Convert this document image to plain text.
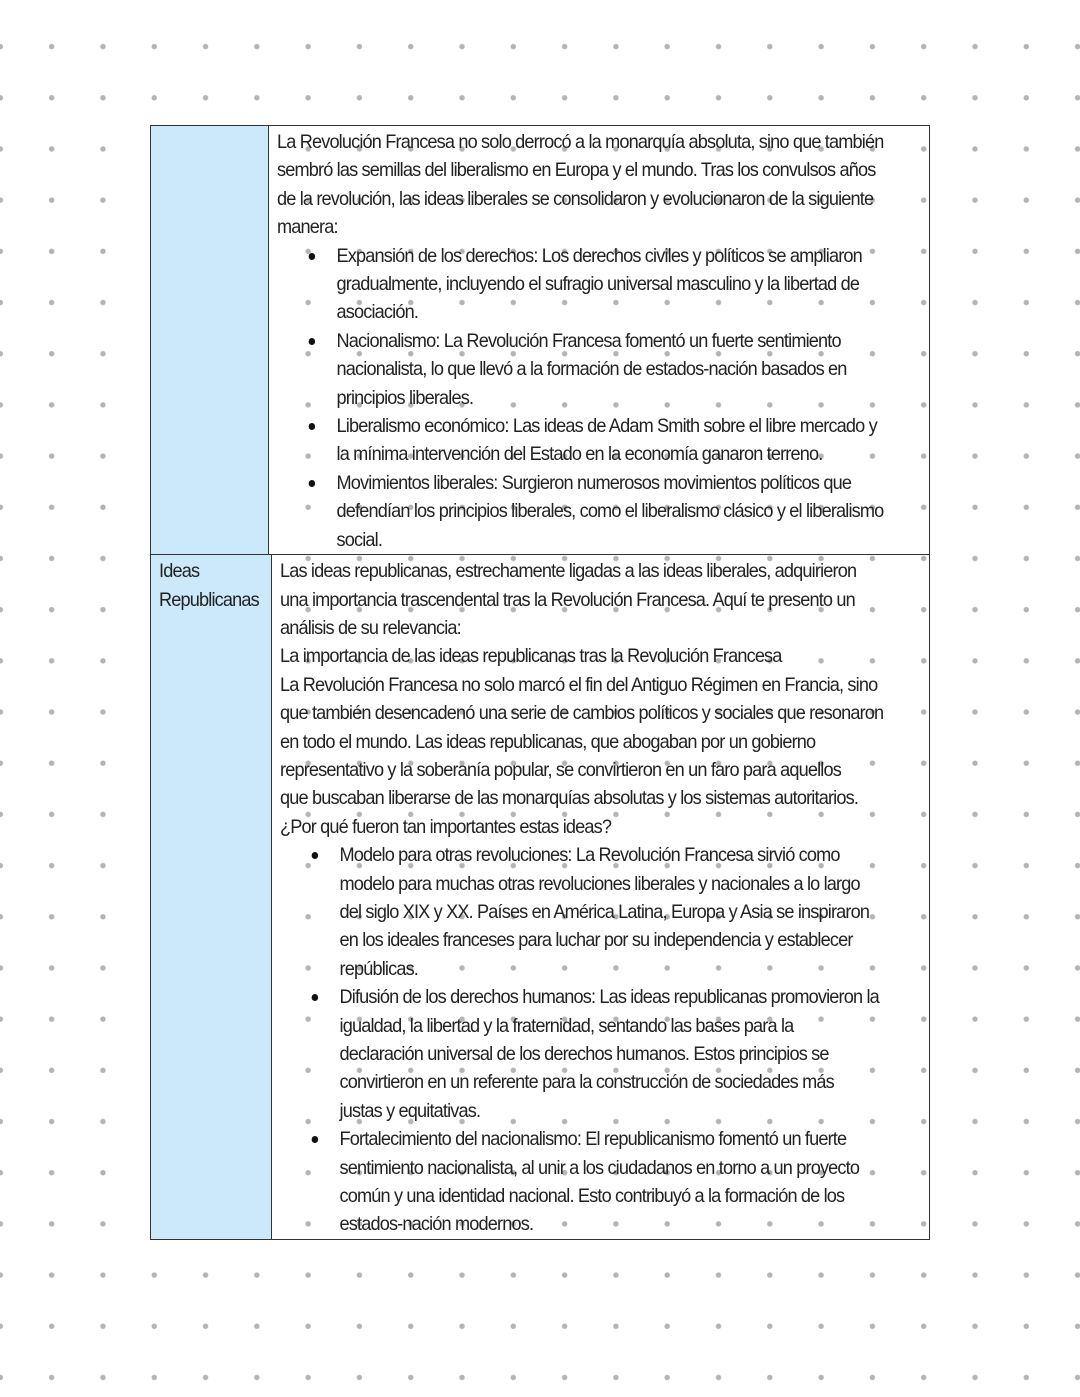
La Revolución Francesa no solo derrocó a la monarquía absoluta, sino que también
sembró las semillas del liberalismo en Europa y el mundo. Tras los convulsos años
de la revolución, las ideas liberales se consolidaron y evolucionaron de la siguiente
manera:
Expansión de los derechos: Los derechos civiles y políticos se ampliaron
gradualmente, incluyendo el sufragio universal masculino y la libertad de
asociación.
Nacionalismo: La Revolución Francesa fomentó un fuerte sentimiento
nacionalista, lo que llevó a la formación de estados-nación basados en
principios liberales.
Liberalismo económico: Las ideas de Adam Smith sobre el libre mercado y
la mínima intervención del Estado en la economía ganaron terreno.
Movimientos liberales: Surgieron numerosos movimientos políticos que
defendían los principios liberales, como el liberalismo clásico y el liberalismo
social.
Ideas
Republicanas
Las ideas republicanas, estrechamente ligadas a las ideas liberales, adquirieron
una importancia trascendental tras la Revolución Francesa. Aquí te presento un
análisis de su relevancia:
La importancia de las ideas republicanas tras la Revolución Francesa
La Revolución Francesa no solo marcó el fin del Antiguo Régimen en Francia, sino
que también desencadenó una serie de cambios políticos y sociales que resonaron
en todo el mundo. Las ideas republicanas, que abogaban por un gobierno
representativo y la soberanía popular, se convirtieron en un faro para aquellos
que buscaban liberarse de las monarquías absolutas y los sistemas autoritarios.
¿Por qué fueron tan importantes estas ideas?
Modelo para otras revoluciones: La Revolución Francesa sirvió como
modelo para muchas otras revoluciones liberales y nacionales a lo largo
del siglo XIX y XX. Países en América Latina, Europa y Asia se inspiraron
en los ideales franceses para luchar por su independencia y establecer
repúblicas.
Difusión de los derechos humanos: Las ideas republicanas promovieron la
igualdad, la libertad y la fraternidad, sentando las bases para la
declaración universal de los derechos humanos. Estos principios se
convirtieron en un referente para la construcción de sociedades más
justas y equitativas.
Fortalecimiento del nacionalismo: El republicanismo fomentó un fuerte
sentimiento nacionalista, al unir a los ciudadanos en torno a un proyecto
común y una identidad nacional. Esto contribuyó a la formación de los
estados-nación modernos.
